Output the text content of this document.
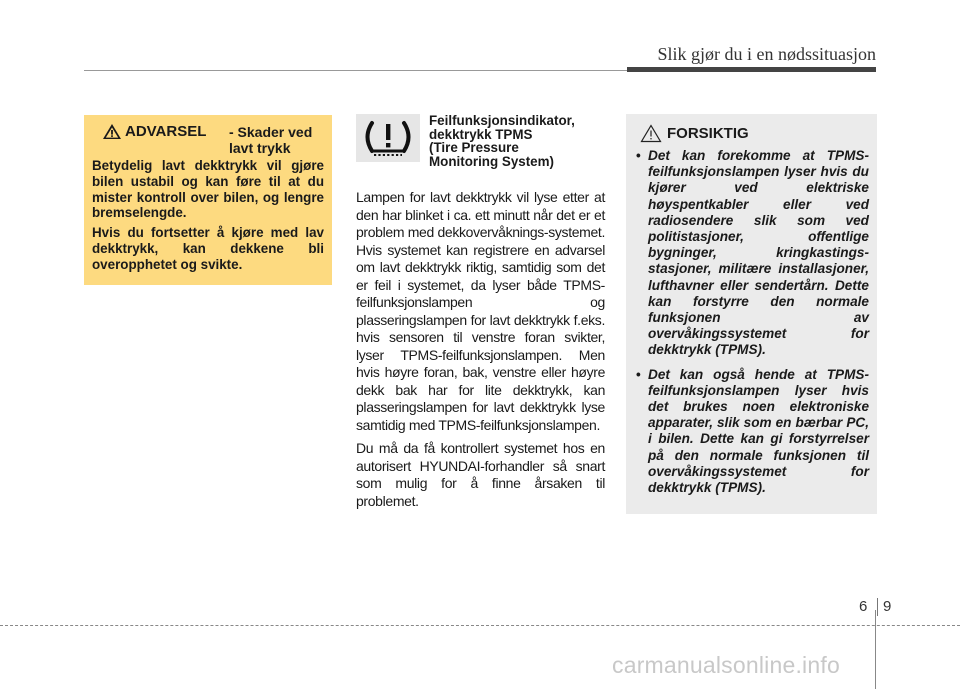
Slik gjør du i en nødssituasjon
ADVARSEL - Skader ved
lavt trykk

Betydelig lavt dekktrykk vil gjøre bilen ustabil og kan føre til at du mister kontroll over bilen, og lengre bremselengde.

Hvis du fortsetter å kjøre med lav dekktrykk, kan dekkene bli overopphetet og svikte.

Feilfunksjonsindikator,
dekktrykk TPMS
(Tire Pressure
Monitoring System)

Lampen for lavt dekktrykk vil lyse etter at den har blinket i ca. ett minutt når det er et problem med dekkovervåknings-systemet. Hvis systemet kan registrere en advarsel om lavt dekktrykk riktig, samtidig som det er feil i systemet, da lyser både TPMS-feilfunksjonslampen og plasseringslampen for lavt dekktrykk f.eks. hvis sensoren til venstre foran svikter, lyser TPMS-feilfunksjonslampen. Men hvis høyre foran, bak, venstre eller høyre dekk bak har for lite dekktrykk, kan plasseringslampen for lavt dekktrykk lyse samtidig med TPMS-feilfunksjonslampen.

Du må da få kontrollert systemet hos en autorisert HYUNDAI-forhandler så snart som mulig for å finne årsaken til problemet.

FORSIKTIG
• Det kan forekomme at TPMS-feilfunksjonslampen lyser hvis du kjører ved elektriske høyspentkabler eller ved radiosendere slik som ved politistasjoner, offentlige bygninger, kringkastings-stasjoner, militære installasjoner, lufthavner eller sendertårn. Dette kan forstyrre den normale funksjonen av overvåkingssystemet for dekktrykk (TPMS).
• Det kan også hende at TPMS-feilfunksjonslampen lyser hvis det brukes noen elektroniske apparater, slik som en bærbar PC, i bilen. Dette kan gi forstyrrelser på den normale funksjonen til overvåkingssystemet for dekktrykk (TPMS).
6 9
carmanualsonline.info
